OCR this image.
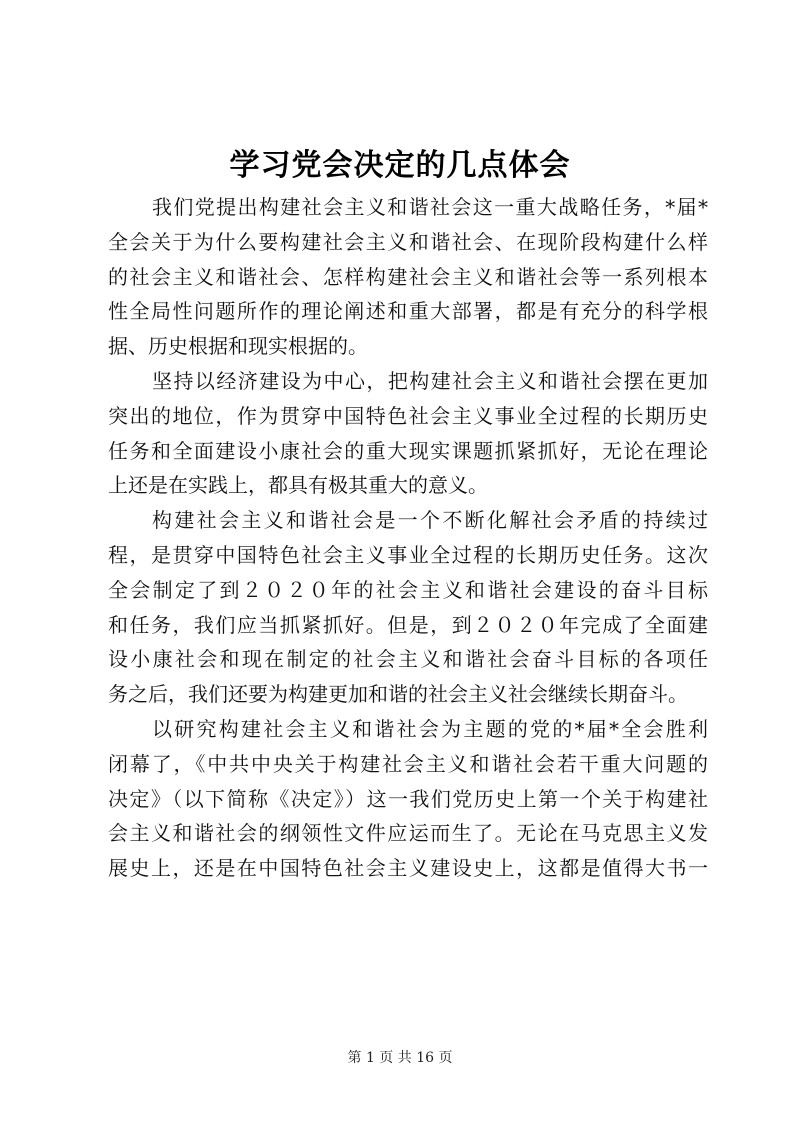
学习党会决定的几点体会
我们党提出构建社会主义和谐社会这一重大战略任务，*届*
全会关于为什么要构建社会主义和谐社会、在现阶段构建什么样
的社会主义和谐社会、怎样构建社会主义和谐社会等一系列根本
性全局性问题所作的理论阐述和重大部署，都是有充分的科学根
据、历史根据和现实根据的。
坚持以经济建设为中心，把构建社会主义和谐社会摆在更加
突出的地位，作为贯穿中国特色社会主义事业全过程的长期历史
任务和全面建设小康社会的重大现实课题抓紧抓好，无论在理论
上还是在实践上，都具有极其重大的意义。
构建社会主义和谐社会是一个不断化解社会矛盾的持续过
程，是贯穿中国特色社会主义事业全过程的长期历史任务。这次
全会制定了到２０２０年的社会主义和谐社会建设的奋斗目标
和任务，我们应当抓紧抓好。但是，到２０２０年完成了全面建
设小康社会和现在制定的社会主义和谐社会奋斗目标的各项任
务之后，我们还要为构建更加和谐的社会主义社会继续长期奋斗。
以研究构建社会主义和谐社会为主题的党的*届*全会胜利
闭幕了，《中共中央关于构建社会主义和谐社会若干重大问题的
决定》（以下简称《决定》）这一我们党历史上第一个关于构建社
会主义和谐社会的纲领性文件应运而生了。无论在马克思主义发
展史上，还是在中国特色社会主义建设史上，这都是值得大书一
第 1 页 共 16 页
